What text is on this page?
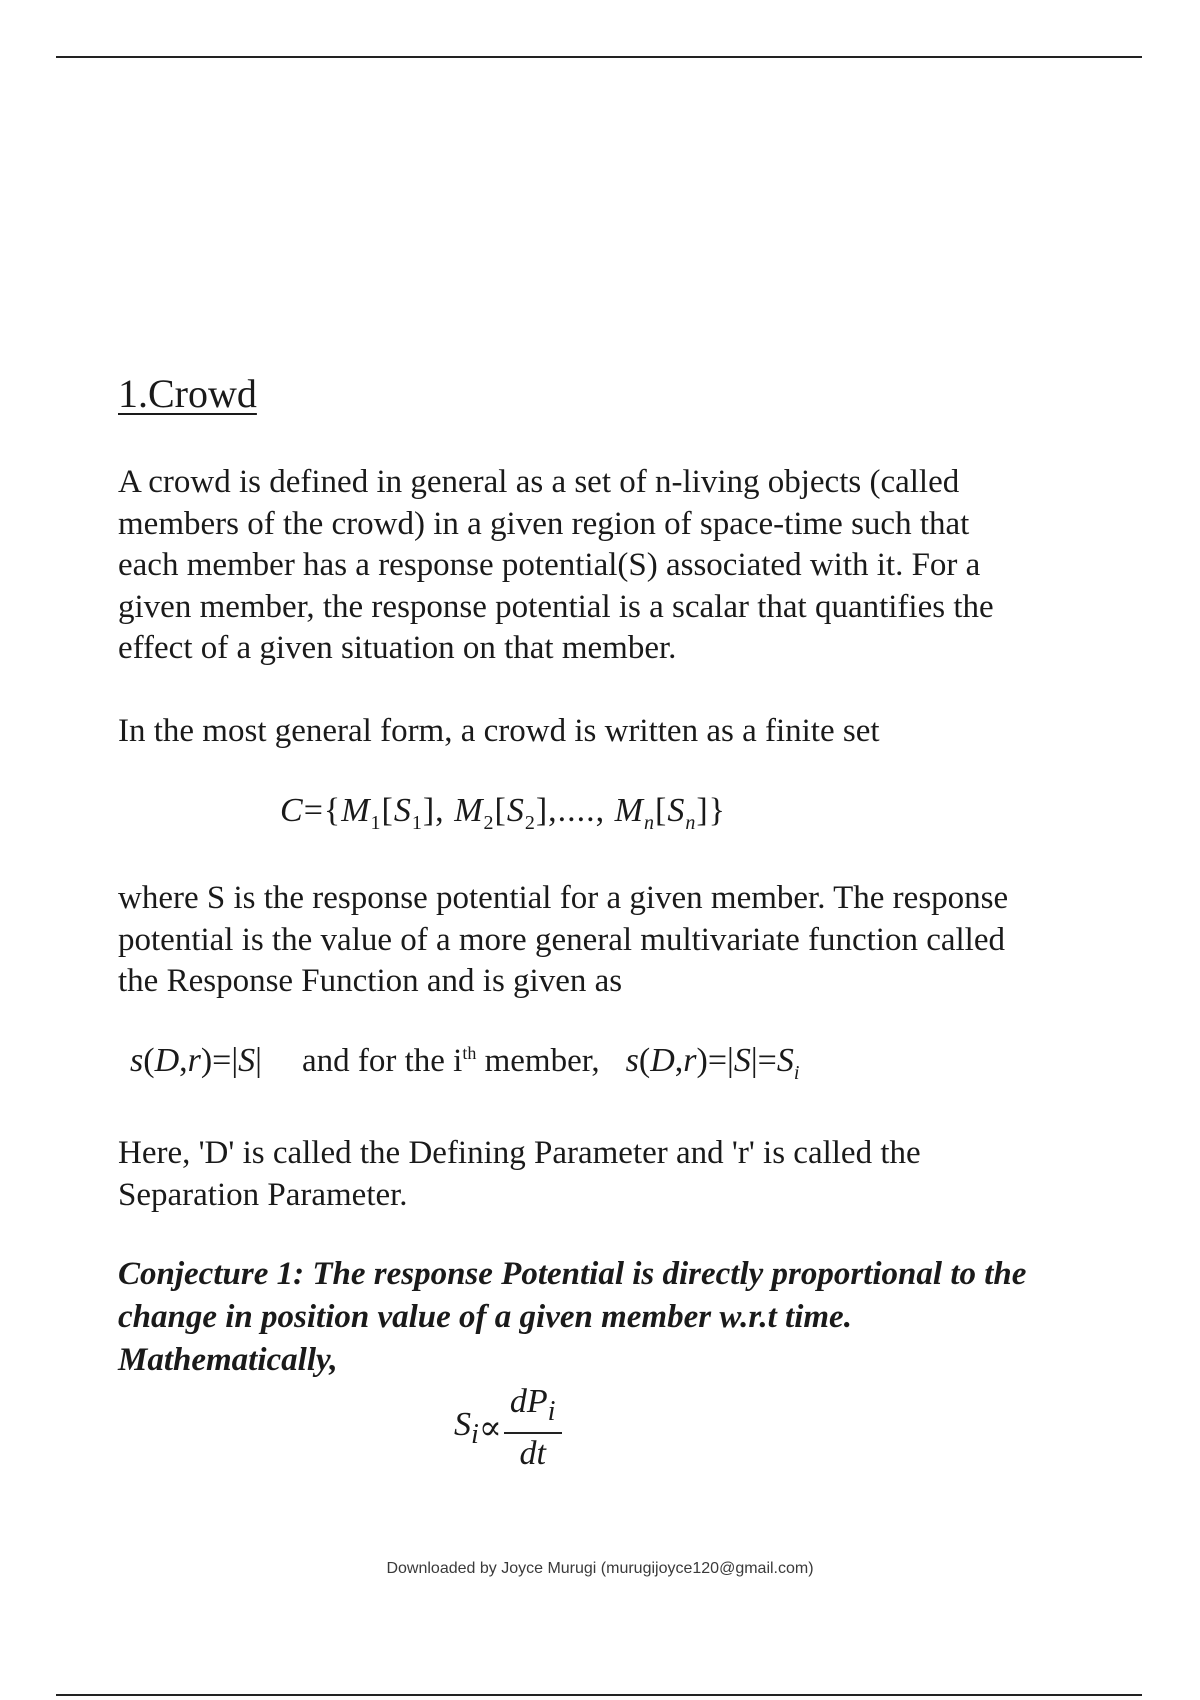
1.Crowd

A crowd is defined in general as a set of n-living objects (called

members of the crowd) in a given region of space-time such that

each member has a response potential(S) associated with it. For a

given member, the response potential is a scalar that quantifies the

effect of a given situation on that member.

In the most general form, a crowd is written as a finite set

$C=\{M_1[S_1]$, $M_2[S_2]$,...., $M_n[S_n]$}

where S is the response potential for a given member. The response

potential is the value of a more general multivariate function called

the Response Function and is given as

s(D,r)=|S| and for the $i^{th}$ member, $s(D,r)=|S|=S_i$

Here, 'D' is called the Defining Parameter and 'r' is called the

Separation Parameter.

Conjecture 1: The response Potential is directly proportional to the

change in position value of a given member w.r.t time.

Mathematically,

$S_i \propto \frac{dP_i}{dt}$
Downloaded by Joyce Murugi (murugijoyce120@gmail.com)
